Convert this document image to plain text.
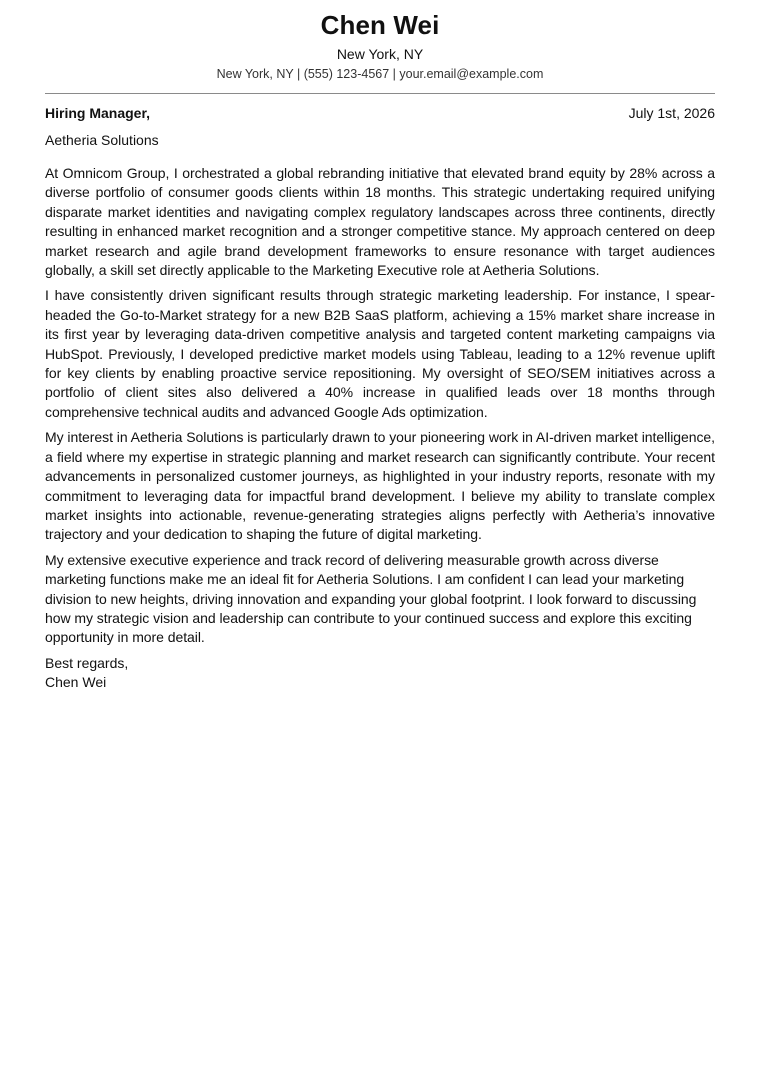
Chen Wei
New York, NY
New York, NY | (555) 123-4567 | your.email@example.com
Hiring Manager,	July 1st, 2026
Aetheria Solutions

At Omnicom Group, I orchestrated a global rebranding initiative that elevated brand equity by 28% across a diverse portfolio of consumer goods clients within 18 months. This strategic undertaking required unifying disparate market identities and navigating complex regulatory landscapes across three continents, directly resulting in enhanced market recognition and a stronger competitive stance. My approach centered on deep market research and agile brand development frameworks to ensure resonance with target audiences globally, a skill set directly applicable to the Marketing Executive role at Aetheria Solutions.

I have consistently driven significant results through strategic marketing leadership. For instance, I spear-headed the Go-to-Market strategy for a new B2B SaaS platform, achieving a 15% market share increase in its first year by leveraging data-driven competitive analysis and targeted content marketing campaigns via HubSpot. Previously, I developed predictive market models using Tableau, leading to a 12% revenue uplift for key clients by enabling proactive service repositioning. My oversight of SEO/SEM initiatives across a portfolio of client sites also delivered a 40% increase in qualified leads over 18 months through comprehensive technical audits and advanced Google Ads optimization.

My interest in Aetheria Solutions is particularly drawn to your pioneering work in AI-driven market intelligence, a field where my expertise in strategic planning and market research can significantly contribute. Your recent advancements in personalized customer journeys, as highlighted in your industry reports, resonate with my commitment to leveraging data for impactful brand development. I believe my ability to translate complex market insights into actionable, revenue-generating strategies aligns perfectly with Aetheria’s innovative trajectory and your dedication to shaping the future of digital marketing.

My extensive executive experience and track record of delivering measurable growth across diverse marketing functions make me an ideal fit for Aetheria Solutions. I am confident I can lead your marketing division to new heights, driving innovation and expanding your global footprint. I look forward to discussing how my strategic vision and leadership can contribute to your continued success and explore this exciting opportunity in more detail.

Best regards,
Chen Wei
